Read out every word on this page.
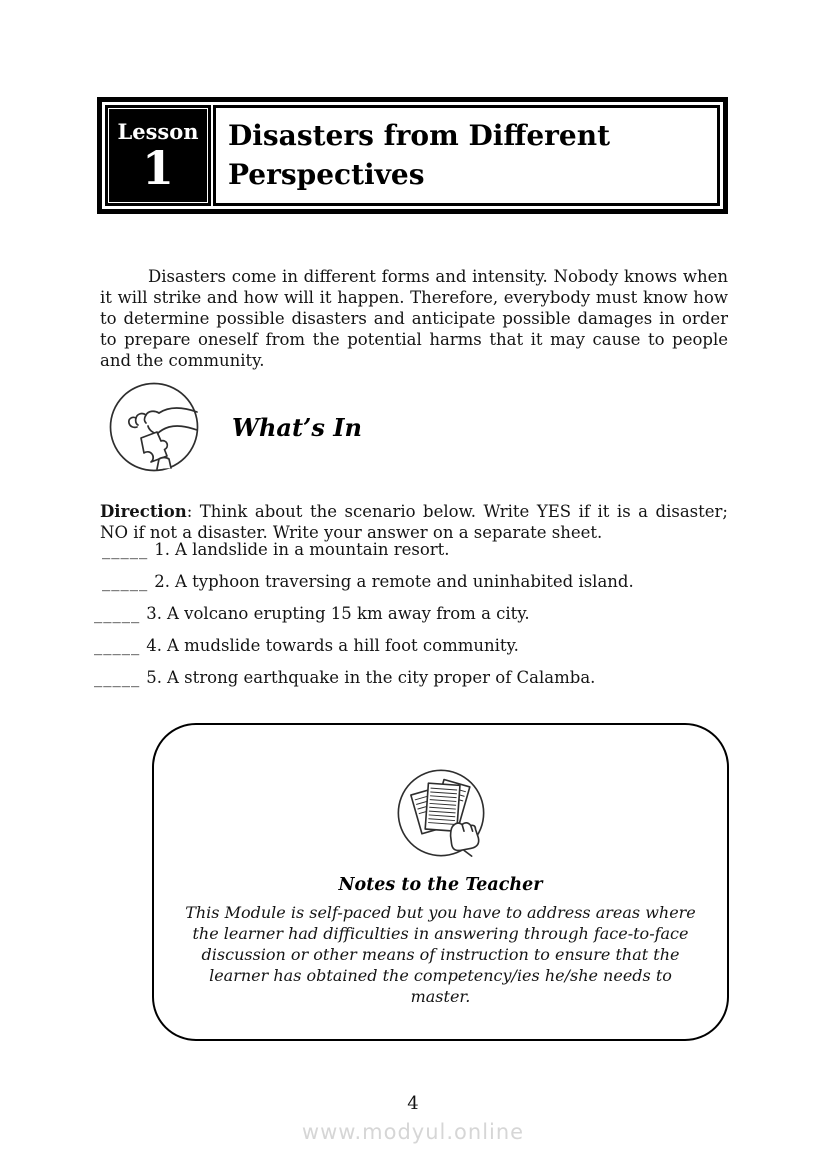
Lesson
1
Disasters from Different
Perspectives

Disasters come in different forms and intensity. Nobody knows when it will strike and how will it happen. Therefore, everybody must know how to determine possible disasters and anticipate possible damages in order to prepare oneself from the potential harms that it may cause to people and the community.

What’s In

Direction: Think about the scenario below. Write YES if it is a disaster; NO if not a disaster. Write your answer on a separate sheet.

_____ 1. A landslide in a mountain resort.
_____ 2. A typhoon traversing a remote and uninhabited island.
_____ 3. A volcano erupting 15 km away from a city.
_____ 4. A mudslide towards a hill foot community.
_____ 5. A strong earthquake in the city proper of Calamba.
Notes to the Teacher

This Module is self-paced but you have to address areas where the learner had difficulties in answering through face-to-face discussion or other means of instruction to ensure that the learner has obtained the competency/ies he/she needs to master.

4
www.modyul.online
